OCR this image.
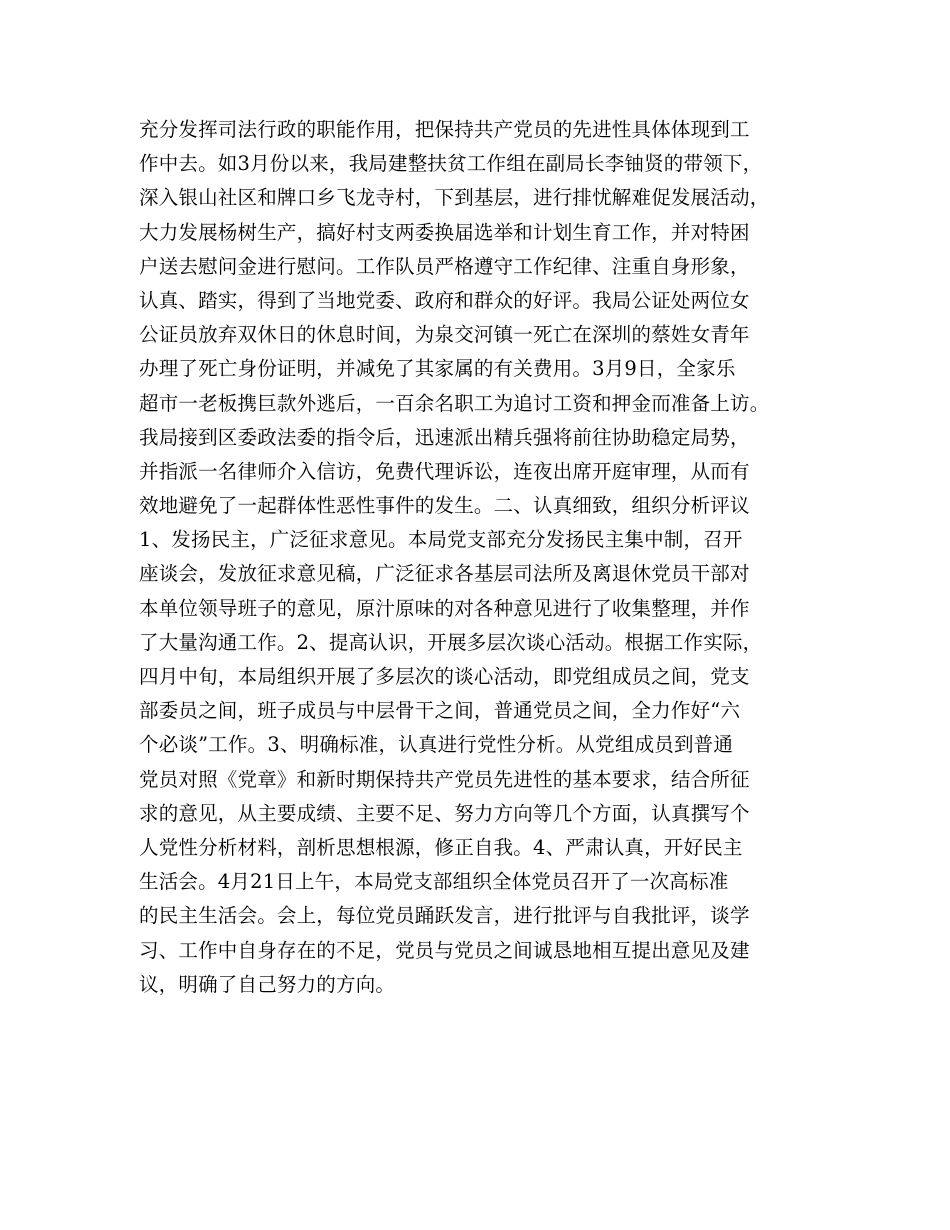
充分发挥司法行政的职能作用，把保持共产党员的先进性具体体现到工
作中去。如3月份以来，我局建整扶贫工作组在副局长李铀贤的带领下，
深入银山社区和牌口乡飞龙寺村，下到基层，进行排忧解难促发展活动，
大力发展杨树生产，搞好村支两委换届选举和计划生育工作，并对特困
户送去慰问金进行慰问。工作队员严格遵守工作纪律、注重自身形象，
认真、踏实，得到了当地党委、政府和群众的好评。我局公证处两位女
公证员放弃双休日的休息时间，为泉交河镇一死亡在深圳的蔡姓女青年
办理了死亡身份证明，并减免了其家属的有关费用。3月9日，全家乐
超市一老板携巨款外逃后，一百余名职工为追讨工资和押金而准备上访。
我局接到区委政法委的指令后，迅速派出精兵强将前往协助稳定局势，
并指派一名律师介入信访，免费代理诉讼，连夜出席开庭审理，从而有
效地避免了一起群体性恶性事件的发生。二、认真细致，组织分析评议
1、发扬民主，广泛征求意见。本局党支部充分发扬民主集中制，召开
座谈会，发放征求意见稿，广泛征求各基层司法所及离退休党员干部对
本单位领导班子的意见，原汁原味的对各种意见进行了收集整理，并作
了大量沟通工作。2、提高认识，开展多层次谈心活动。根据工作实际，
四月中旬，本局组织开展了多层次的谈心活动，即党组成员之间，党支
部委员之间，班子成员与中层骨干之间，普通党员之间，全力作好“六
个必谈”工作。3、明确标准，认真进行党性分析。从党组成员到普通
党员对照《党章》和新时期保持共产党员先进性的基本要求，结合所征
求的意见，从主要成绩、主要不足、努力方向等几个方面，认真撰写个
人党性分析材料，剖析思想根源，修正自我。4、严肃认真，开好民主
生活会。4月21日上午，本局党支部组织全体党员召开了一次高标准
的民主生活会。会上，每位党员踊跃发言，进行批评与自我批评，谈学
习、工作中自身存在的不足，党员与党员之间诚恳地相互提出意见及建
议，明确了自己努力的方向。
